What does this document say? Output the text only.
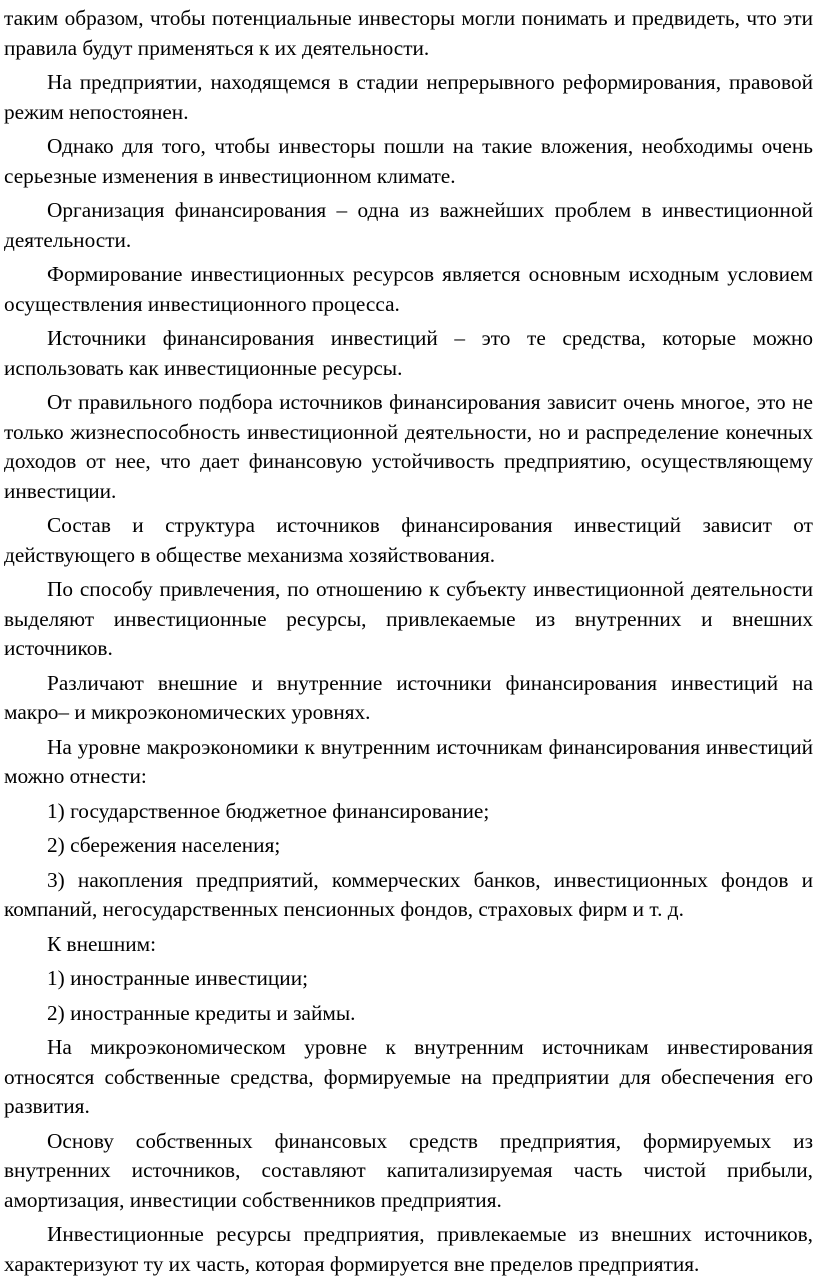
таким образом, чтобы потенциальные инвесторы могли понимать и предвидеть, что эти правила будут применяться к их деятельности.

На предприятии, находящемся в стадии непрерывного реформирования, правовой режим непостоянен.

Однако для того, чтобы инвесторы пошли на такие вложения, необходимы очень серьезные изменения в инвестиционном климате.

Организация финансирования – одна из важнейших проблем в инвестиционной деятельности.

Формирование инвестиционных ресурсов является основным исходным условием осуществления инвестиционного процесса.

Источники финансирования инвестиций – это те средства, которые можно использовать как инвестиционные ресурсы.

От правильного подбора источников финансирования зависит очень многое, это не только жизнеспособность инвестиционной деятельности, но и распределение конечных доходов от нее, что дает финансовую устойчивость предприятию, осуществляющему инвестиции.

Состав и структура источников финансирования инвестиций зависит от действующего в обществе механизма хозяйствования.

По способу привлечения, по отношению к субъекту инвестиционной деятельности выделяют инвестиционные ресурсы, привлекаемые из внутренних и внешних источников.

Различают внешние и внутренние источники финансирования инвестиций на макро– и микроэкономических уровнях.

На уровне макроэкономики к внутренним источникам финансирования инвестиций можно отнести:

1) государственное бюджетное финансирование;

2) сбережения населения;

3) накопления предприятий, коммерческих банков, инвестиционных фондов и компаний, негосударственных пенсионных фондов, страховых фирм и т. д.

К внешним:

1) иностранные инвестиции;

2) иностранные кредиты и займы.

На микроэкономическом уровне к внутренним источникам инвестирования относятся собственные средства, формируемые на предприятии для обеспечения его развития.

Основу собственных финансовых средств предприятия, формируемых из внутренних источников, составляют капитализируемая часть чистой прибыли, амортизация, инвестиции собственников предприятия.

Инвестиционные ресурсы предприятия, привлекаемые из внешних источников, характеризуют ту их часть, которая формируется вне пределов предприятия.
